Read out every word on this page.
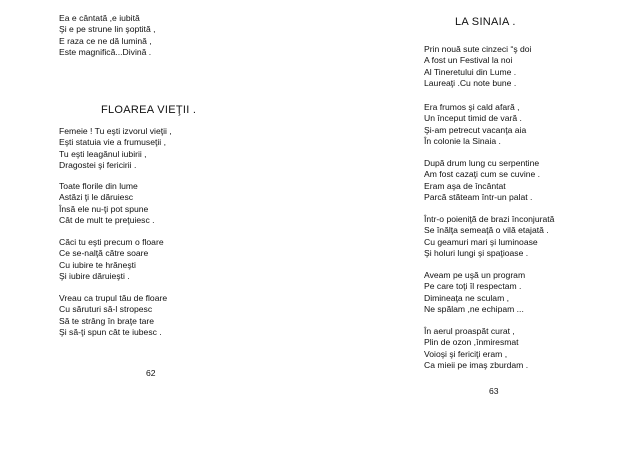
Ea e cântată ,e iubită
Şi e pe strune lin şoptită ,
E raza ce ne dă lumină ,
Este magnifică...Divină .
FLOAREA VIEŢII .
Femeie ! Tu eşti izvorul vieţii ,
Eşti statuia vie a frumuseţii ,
Tu eşti leagănul iubirii ,
Dragostei şi fericirii .
Toate florile din lume
Astăzi ţi le dăruiesc
Însă ele nu-ţi pot spune
Cât de mult te preţuiesc .
Căci tu eşti precum o floare
Ce se-nalţă către soare
Cu iubire te hrăneşti
Şi iubire dăruieşti .
Vreau ca trupul tău de floare
Cu săruturi să-l stropesc
Să te strâng în braţe tare
Şi să-ţi spun cât te iubesc .
62
LA SINAIA .
Prin nouă sute cinzeci “ş doi
A fost un Festival la noi
Al Tineretului din Lume .
Laureaţi .Cu note bune .
Era frumos şi cald afară ,
Un început timid de vară .
Şi-am petrecut vacanţa aia
În colonie la Sinaia .
După drum lung cu serpentine
Am fost cazaţi cum se cuvine .
Eram aşa de încântat
Parcă stăteam într-un palat .
Într-o poieniţă de brazi înconjurată
Se înălţa semeaţă o vilă etajată .
Cu geamuri mari şi luminoase
Şi holuri lungi şi spaţioase .
Aveam pe uşă un program
Pe care toţi îl respectam .
Dimineaţa ne sculam ,
Ne spălam ,ne echipam ...
În aerul proaspăt curat ,
Plin de ozon ,înmiresmat
Voioşi şi fericiţi eram ,
Ca mieii pe imaş zburdam .
63
